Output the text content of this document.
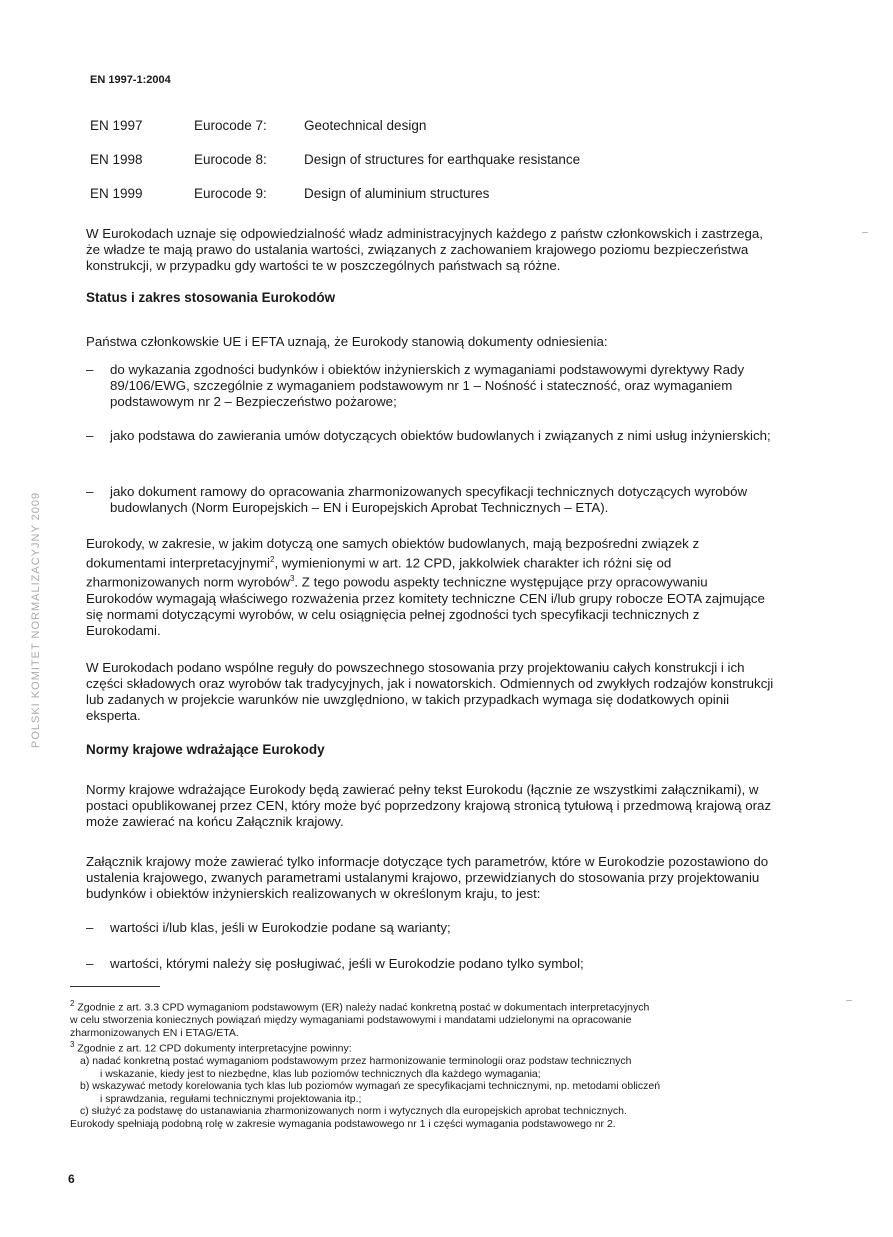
EN 1997-1:2004
EN 1997	Eurocode 7:	Geotechnical design
EN 1998	Eurocode 8:	Design of structures for earthquake resistance
EN 1999	Eurocode 9:	Design of aluminium structures
W Eurokodach uznaje się odpowiedzialność władz administracyjnych każdego z państw członkowskich i zastrzega, że władze te mają prawo do ustalania wartości, związanych z zachowaniem krajowego poziomu bezpieczeństwa konstrukcji, w przypadku gdy wartości te w poszczególnych państwach są różne.
Status i zakres stosowania Eurokodów
Państwa członkowskie UE i EFTA uznają, że Eurokody stanowią dokumenty odniesienia:
–	do wykazania zgodności budynków i obiektów inżynierskich z wymaganiami podstawowymi dyrektywy Rady 89/106/EWG, szczególnie z wymaganiem podstawowym nr 1 – Nośność i stateczność, oraz wymaganiem podstawowym nr 2 – Bezpieczeństwo pożarowe;
–	jako podstawa do zawierania umów dotyczących obiektów budowlanych i związanych z nimi usług inżynierskich;
–	jako dokument ramowy do opracowania zharmonizowanych specyfikacji technicznych dotyczących wyrobów budowlanych (Norm Europejskich – EN i Europejskich Aprobat Technicznych – ETA).
Eurokody, w zakresie, w jakim dotyczą one samych obiektów budowlanych, mają bezpośredni związek z dokumentami interpretacyjnymi$^2$, wymienionymi w art. 12 CPD, jakkolwiek charakter ich różni się od zharmonizowanych norm wyrobów$^3$. Z tego powodu aspekty techniczne występujące przy opracowywaniu Eurokodów wymagają właściwego rozważenia przez komitety techniczne CEN i/lub grupy robocze EOTA zajmujące się normami dotyczącymi wyrobów, w celu osiągnięcia pełnej zgodności tych specyfikacji technicznych z Eurokodami.
W Eurokodach podano wspólne reguły do powszechnego stosowania przy projektowaniu całych konstrukcji i ich części składowych oraz wyrobów tak tradycyjnych, jak i nowatorskich. Odmiennych od zwykłych rodzajów konstrukcji lub zadanych w projekcie warunków nie uwzględniono, w takich przypadkach wymaga się dodatkowych opinii eksperta.
Normy krajowe wdrażające Eurokody
Normy krajowe wdrażające Eurokody będą zawierać pełny tekst Eurokodu (łącznie ze wszystkimi załącznikami), w postaci opublikowanej przez CEN, który może być poprzedzony krajową stronicą tytułową i przedmową krajową oraz może zawierać na końcu Załącznik krajowy.
Załącznik krajowy może zawierać tylko informacje dotyczące tych parametrów, które w Eurokodzie pozostawiono do ustalenia krajowego, zwanych parametrami ustalanymi krajowo, przewidzianych do stosowania przy projektowaniu budynków i obiektów inżynierskich realizowanych w określonym kraju, to jest:
–	wartości i/lub klas, jeśli w Eurokodzie podane są warianty;
–	wartości, którymi należy się posługiwać, jeśli w Eurokodzie podano tylko symbol;
$^2$ Zgodnie z art. 3.3 CPD wymaganiom podstawowym (ER) należy nadać konkretną postać w dokumentach interpretacyjnych
w celu stworzenia koniecznych powiązań między wymaganiami podstawowymi i mandatami udzielonymi na opracowanie
zharmonizowanych EN i ETAG/ETA.
$^3$ Zgodnie z art. 12 CPD dokumenty interpretacyjne powinny:
a) nadać konkretną postać wymaganiom podstawowym przez harmonizowanie terminologii oraz podstaw technicznych
i wskazanie, kiedy jest to niezbędne, klas lub poziomów technicznych dla każdego wymagania;
b) wskazywać metody korelowania tych klas lub poziomów wymagań ze specyfikacjami technicznymi, np. metodami obliczeń
i sprawdzania, regułami technicznymi projektowania itp.;
c) służyć za podstawę do ustanawiania zharmonizowanych norm i wytycznych dla europejskich aprobat technicznych.
Eurokody spełniają podobną rolę w zakresie wymagania podstawowego nr 1 i części wymagania podstawowego nr 2.
6
POLSKI KOMITET NORMALIZACYJNY 2009
